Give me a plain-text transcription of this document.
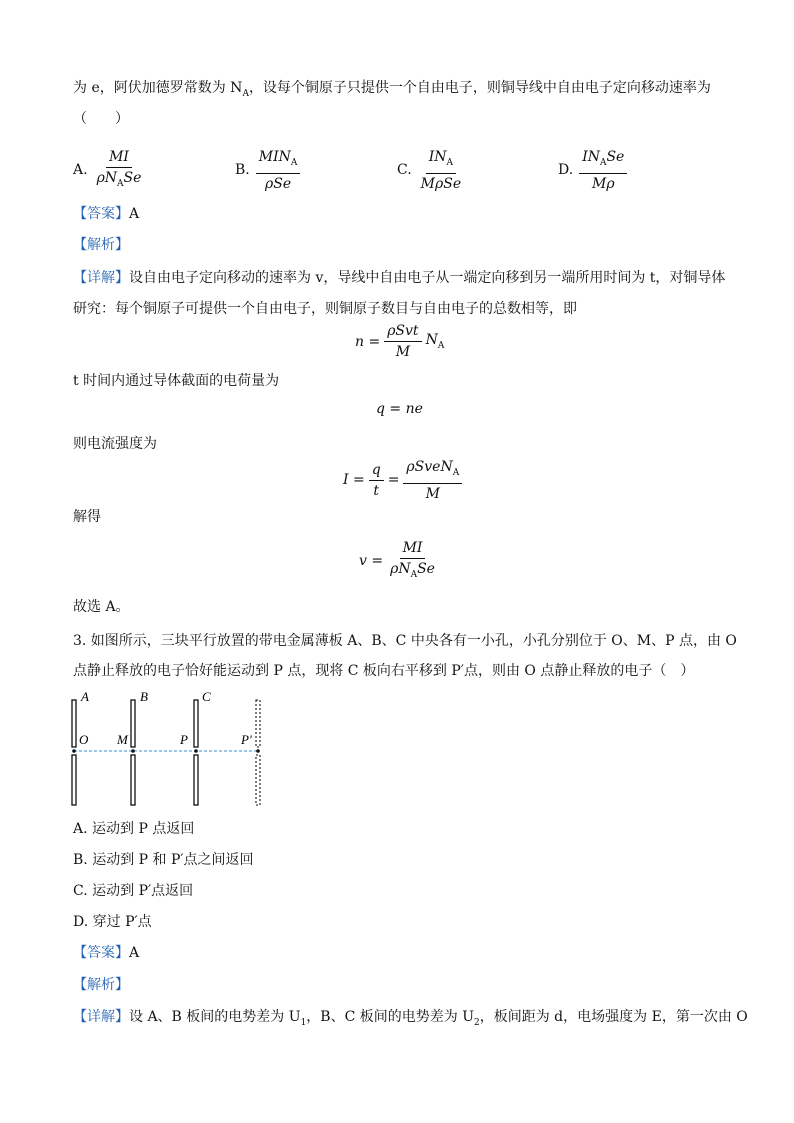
为 e，阿伏加德罗常数为 $N_A$，设每个铜原子只提供一个自由电子，则铜导线中自由电子定向移动速率为
（　　）
A. $\frac{MI}{\rho N_ASe}$	B. $\frac{MIN_A}{\text{ρSe}}$	C. $\frac{IN_A}{\text{MρSe}}$	D. $\frac{IN_ASe}{M\rho}$
【答案】A
【解析】
【详解】设自由电子定向移动的速率为 v，导线中自由电子从一端定向移到另一端所用时间为 t，对铜导体
研究：每个铜原子可提供一个自由电子，则铜原子数目与自由电子的总数相等，即
$n = \frac{\text{ρSvt}}{M} N_A$
t 时间内通过导体截面的电荷量为
q = ne
则电流强度为
$I = \frac{q}{t} = \frac{\rho SveN_A}{M}$
解得
$v = \frac{MI}{\rho N_ASe}$
故选 A。
3. 如图所示，三块平行放置的带电金属薄板 A、B、C 中央各有一小孔，小孔分别位于 O、M、P 点，由 O
点静止释放的电子恰好能运动到 P 点，现将 C 板向右平移到 P′点，则由 O 点静止释放的电子（　）
A	B	C
O M	P	P′
A. 运动到 P 点返回
B. 运动到 P 和 P′点之间返回
C. 运动到 P′点返回
D. 穿过 P′点
【答案】A
【解析】
【详解】设 A、B 板间的电势差为 $U_1$，B、C 板间的电势差为 $U_2$，板间距为 d，电场强度为 E，第一次由 O
